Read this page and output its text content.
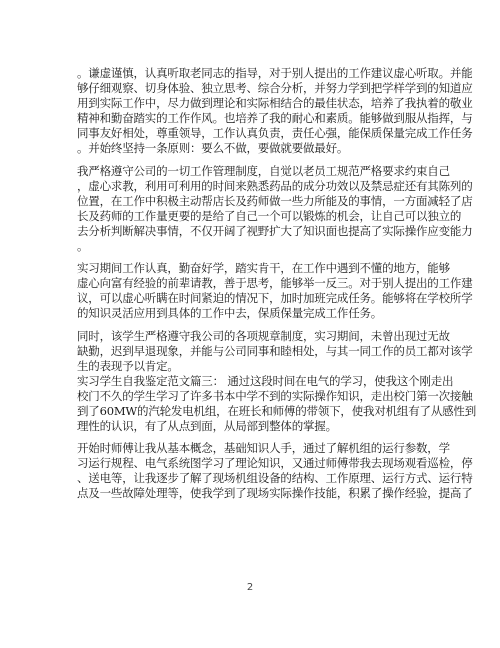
。谦虚谨慎，认真听取老同志的指导，对于别人提出的工作建议虚心听取。并能
够仔细观察、切身体验、独立思考、综合分析，并努力学到把学样学到的知道应
用到实际工作中，尽力做到理论和实际相结合的最佳状态，培养了我执着的敬业
精神和勤奋踏实的工作作风。也培养了我的耐心和素质。能够做到服从指挥，与
同事友好相处，尊重领导，工作认真负责，责任心强，能保质保量完成工作任务
。并始终坚持一条原则：要么不做，要做就要做最好。
我严格遵守公司的一切工作管理制度，自觉以老员工规范严格要求约束自己
，虚心求教，利用可利用的时间来熟悉药品的成分功效以及禁忌症还有其陈列的
位置，在工作中积极主动帮店长及药师做一些力所能及的事情，一方面减轻了店
长及药师的工作量更要的是给了自己一个可以锻炼的机会，让自己可以独立的
去分析判断解决事情，不仅开阔了视野扩大了知识面也提高了实际操作应变能力
。
实习期间工作认真，勤奋好学，踏实肯干，在工作中遇到不懂的地方，能够
虚心向富有经验的前辈请教，善于思考，能够举一反三。对于别人提出的工作建
议，可以虚心听瞒在时间紧迫的情况下，加时加班完成任务。能够将在学校所学
的知识灵活应用到具体的工作中去，保质保量完成工作任务。
同时，该学生严格遵守我公司的各项规章制度，实习期间，未曾出现过无故
缺勤，迟到早退现象，并能与公司同事和睦相处，与其一同工作的员工都对该学
生的表现予以肯定。
实习学生自我鉴定范文篇三： 通过这段时间在电气的学习，使我这个刚走出
校门不久的学生学习了许多书本中学不到的实际操作知识，走出校门第一次接触
到了60MW的汽轮发电机组，在班长和师傅的带领下，使我对机组有了从感性到
理性的认识，有了从点到面，从局部到整体的掌握。
开始时师傅让我从基本概念，基础知识人手，通过了解机组的运行参数，学
习运行规程、电气系统图学习了理论知识，又通过师傅带我去现场观看巡检，停
、送电等，让我逐步了解了现场机组设备的结构、工作原理、运行方式、运行特
点及一些故障处理等，使我学到了现场实际操作技能，积累了操作经验，提高了
2
